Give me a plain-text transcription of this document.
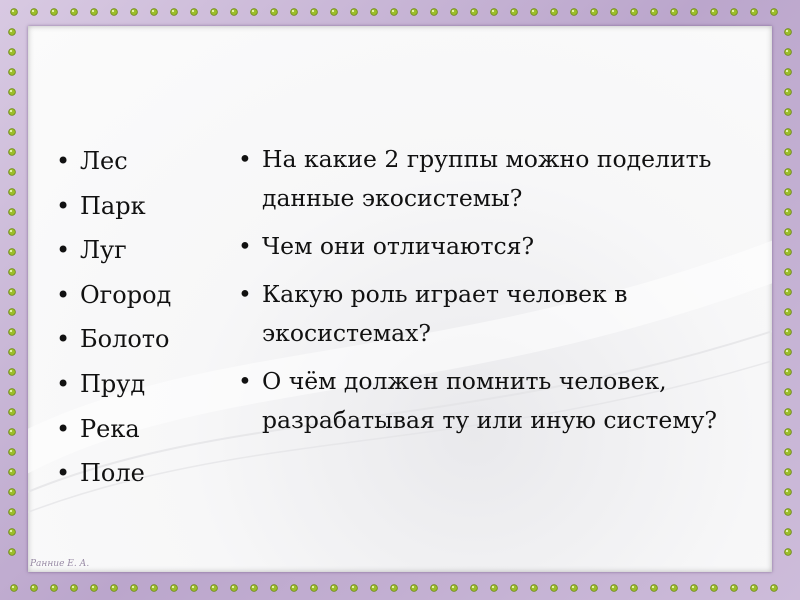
• Лес
• Парк
• Луг
• Огород
• Болото
• Пруд
• Река
• Поле
• На какие 2 группы можно поделить данные экосистемы?
• Чем они отличаются?
• Какую роль играет человек в экосистемах?
• О чём должен помнить человек, разрабатывая ту или иную систему?
Ранние Е. А.
